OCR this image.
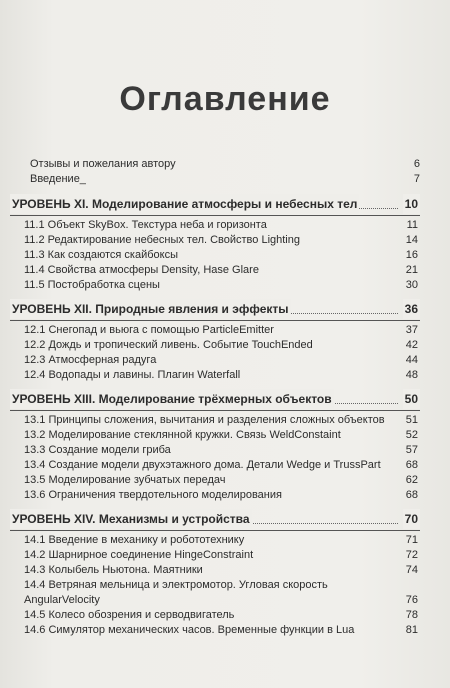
Оглавление
Отзывы и пожелания автору	6
Введение_	7
УРОВЕНЬ XI. Моделирование атмосферы и небесных тел	10
11.1 Объект SkyBox. Текстура неба и горизонта	11
11.2 Редактирование небесных тел. Свойство Lighting	14
11.3 Как создаются скайбоксы	16
11.4 Свойства атмосферы Density, Hase Glare	21
11.5 Постобработка сцены	30
УРОВЕНЬ XII. Природные явления и эффекты	36
12.1 Снегопад и вьюга с помощью ParticleEmitter	37
12.2 Дождь и тропический ливень. Событие TouchEnded	42
12.3 Атмосферная радуга	44
12.4 Водопады и лавины. Плагин Waterfall	48
УРОВЕНЬ XIII. Моделирование трёхмерных объектов	50
13.1 Принципы сложения, вычитания и разделения сложных объектов	51
13.2 Моделирование стеклянной кружки. Связь WeldConstaint	52
13.3 Создание модели гриба	57
13.4 Создание модели двухэтажного дома. Детали Wedge и TrussPart	68
13.5 Моделирование зубчатых передач	62
13.6 Ограничения твердотельного моделирования	68
УРОВЕНЬ XIV. Механизмы и устройства	70
14.1 Введение в механику и робототехнику	71
14.2 Шарнирное соединение HingeConstraint	72
14.3 Колыбель Ньютона. Маятники	74
14.4 Ветряная мельница и электромотор. Угловая скорость AngularVelocity	76
14.5 Колесо обозрения и серводвигатель	78
14.6 Симулятор механических часов. Временные функции в Lua	81
